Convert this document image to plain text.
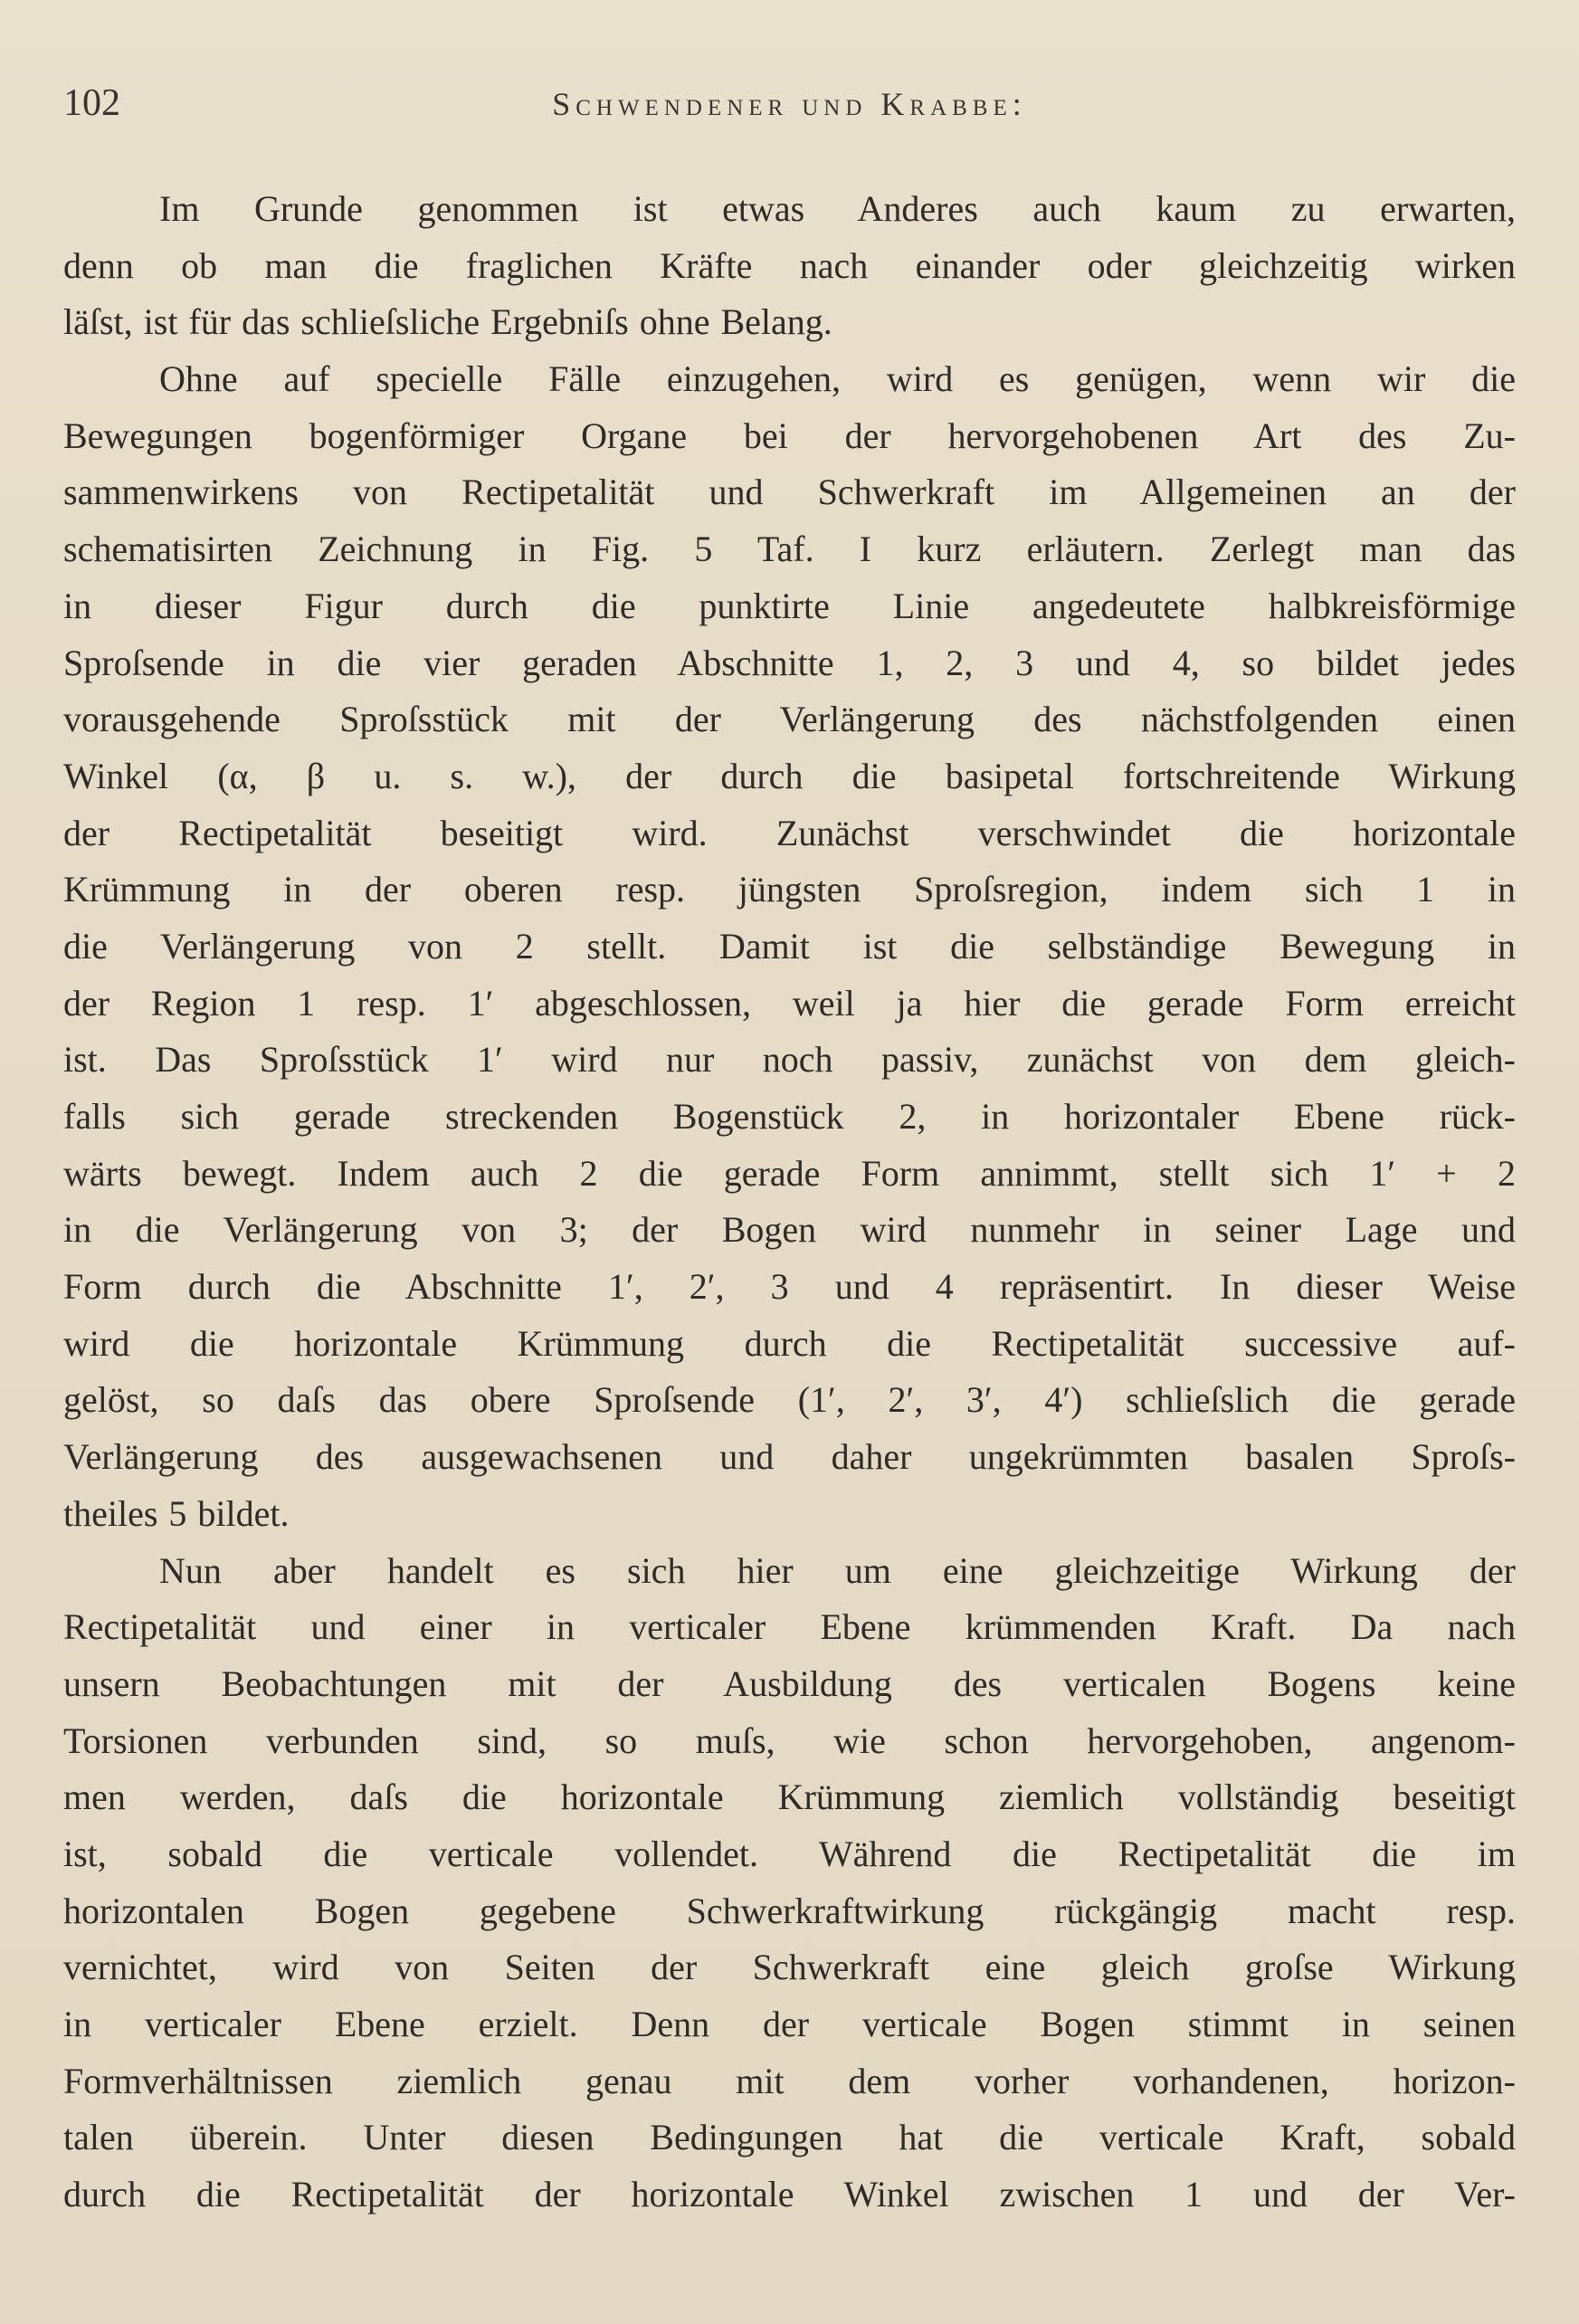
102	Schwendener und Krabbe:
Im Grunde genommen ist etwas Anderes auch kaum zu erwarten,
denn ob man die fraglichen Kräfte nach einander oder gleichzeitig wirken
läſst, ist für das schlieſsliche Ergebniſs ohne Belang.
Ohne auf specielle Fälle einzugehen, wird es genügen, wenn wir die
Bewegungen bogenförmiger Organe bei der hervorgehobenen Art des Zu-
sammenwirkens von Rectipetalität und Schwerkraft im Allgemeinen an der
schematisirten Zeichnung in Fig. 5 Taf. I kurz erläutern. Zerlegt man das
in dieser Figur durch die punktirte Linie angedeutete halbkreisförmige
Sproſsende in die vier geraden Abschnitte 1, 2, 3 und 4, so bildet jedes
vorausgehende Sproſsstück mit der Verlängerung des nächstfolgenden einen
Winkel (α, β u. s. w.), der durch die basipetal fortschreitende Wirkung
der Rectipetalität beseitigt wird. Zunächst verschwindet die horizontale
Krümmung in der oberen resp. jüngsten Sproſsregion, indem sich 1 in
die Verlängerung von 2 stellt. Damit ist die selbständige Bewegung in
der Region 1 resp. 1′ abgeschlossen, weil ja hier die gerade Form erreicht
ist. Das Sproſsstück 1′ wird nur noch passiv, zunächst von dem gleich-
falls sich gerade streckenden Bogenstück 2, in horizontaler Ebene rück-
wärts bewegt. Indem auch 2 die gerade Form annimmt, stellt sich 1′ + 2
in die Verlängerung von 3; der Bogen wird nunmehr in seiner Lage und
Form durch die Abschnitte 1′, 2′, 3 und 4 repräsentirt. In dieser Weise
wird die horizontale Krümmung durch die Rectipetalität successive auf-
gelöst, so daſs das obere Sproſsende (1′, 2′, 3′, 4′) schlieſslich die gerade
Verlängerung des ausgewachsenen und daher ungekrümmten basalen Sproſs-
theiles 5 bildet.
Nun aber handelt es sich hier um eine gleichzeitige Wirkung der
Rectipetalität und einer in verticaler Ebene krümmenden Kraft. Da nach
unsern Beobachtungen mit der Ausbildung des verticalen Bogens keine
Torsionen verbunden sind, so muſs, wie schon hervorgehoben, angenom-
men werden, daſs die horizontale Krümmung ziemlich vollständig beseitigt
ist, sobald die verticale vollendet. Während die Rectipetalität die im
horizontalen Bogen gegebene Schwerkraftwirkung rückgängig macht resp.
vernichtet, wird von Seiten der Schwerkraft eine gleich groſse Wirkung
in verticaler Ebene erzielt. Denn der verticale Bogen stimmt in seinen
Formverhältnissen ziemlich genau mit dem vorher vorhandenen, horizon-
talen überein. Unter diesen Bedingungen hat die verticale Kraft, sobald
durch die Rectipetalität der horizontale Winkel zwischen 1 und der Ver-
